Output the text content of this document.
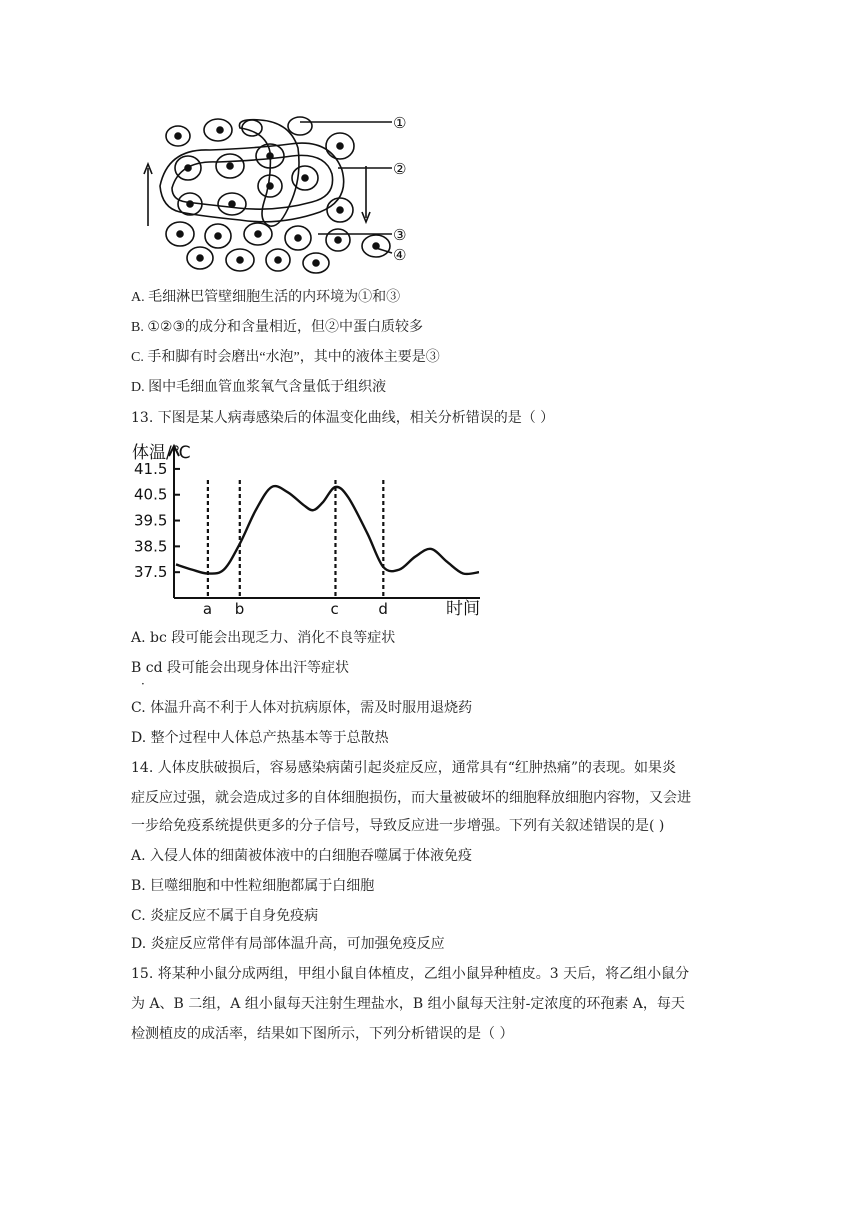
①
②
③
④
A. 毛细淋巴管壁细胞生活的内环境为①和③
B. ①②③的成分和含量相近，但②中蛋白质较多
C. 手和脚有时会磨出“水泡”，其中的液体主要是③
D. 图中毛细血管血浆氧气含量低于组织液
13. 下图是某人病毒感染后的体温变化曲线，相关分析错误的是（ ）
体温/℃
时间
41.5
40.5
39.5
38.5
37.5
a b	c	d
A. bc 段可能会出现乏力、消化不良等症状
B cd 段可能会出现身体出汗等症状
·
C. 体温升高不利于人体对抗病原体，需及时服用退烧药
D. 整个过程中人体总产热基本等于总散热
14. 人体皮肤破损后，容易感染病菌引起炎症反应，通常具有“红肿热痛”的表现。如果炎
症反应过强，就会造成过多的自体细胞损伤，而大量被破坏的细胞释放细胞内容物，又会进
一步给免疫系统提供更多的分子信号，导致反应进一步增强。下列有关叙述错误的是( )
A. 入侵人体的细菌被体液中的白细胞吞噬属于体液免疫
B. 巨噬细胞和中性粒细胞都属于白细胞
C. 炎症反应不属于自身免疫病
D. 炎症反应常伴有局部体温升高，可加强免疫反应
15. 将某种小鼠分成两组，甲组小鼠自体植皮，乙组小鼠异种植皮。3 天后，将乙组小鼠分
为 A、B 二组，A 组小鼠每天注射生理盐水，B 组小鼠每天注射-定浓度的环孢素 A，每天
检测植皮的成活率，结果如下图所示，下列分析错误的是（ ）
